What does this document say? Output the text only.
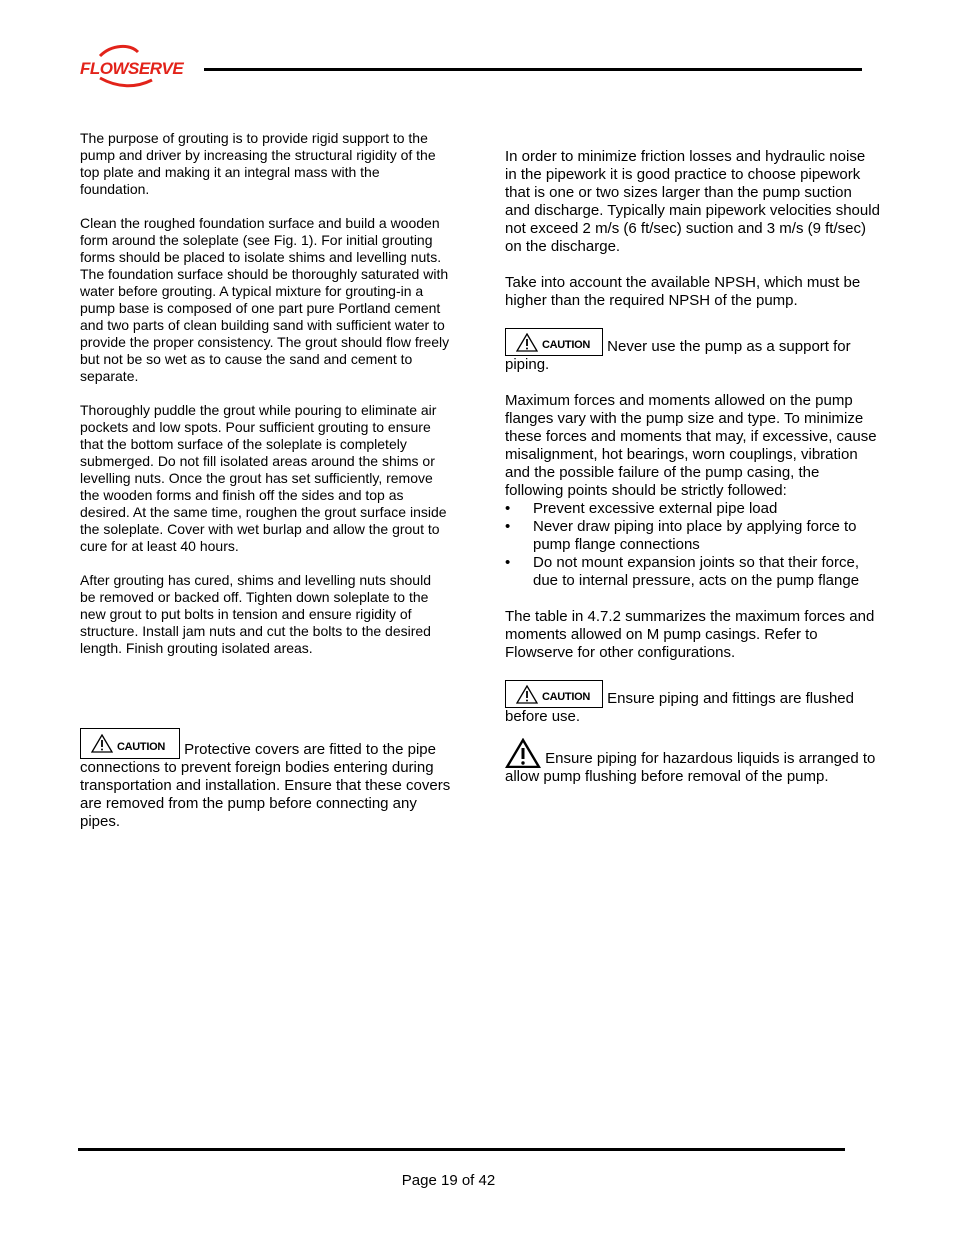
FLOWSERVE

The purpose of grouting is to provide rigid support to the pump and driver by increasing the structural rigidity of the top plate and making it an integral mass with the foundation.

Clean the roughed foundation surface and build a wooden form around the soleplate (see Fig. 1). For initial grouting forms should be placed to isolate shims and levelling nuts. The foundation surface should be thoroughly saturated with water before grouting. A typical mixture for grouting-in a pump base is composed of one part pure Portland cement and two parts of clean building sand with sufficient water to provide the proper consistency. The grout should flow freely but not be so wet as to cause the sand and cement to separate.

Thoroughly puddle the grout while pouring to eliminate air pockets and low spots. Pour sufficient grouting to ensure that the bottom surface of the soleplate is completely submerged. Do not fill isolated areas around the shims or levelling nuts. Once the grout has set sufficiently, remove the wooden forms and finish off the sides and top as desired. At the same time, roughen the grout surface inside the soleplate. Cover with wet burlap and allow the grout to cure for at least 40 hours.

After grouting has cured, shims and levelling nuts should be removed or backed off. Tighten down soleplate to the new grout to put bolts in tension and ensure rigidity of structure. Install jam nuts and cut the bolts to the desired length. Finish grouting isolated areas.

CAUTION Protective covers are fitted to the pipe connections to prevent foreign bodies entering during transportation and installation. Ensure that these covers are removed from the pump before connecting any pipes.

In order to minimize friction losses and hydraulic noise in the pipework it is good practice to choose pipework that is one or two sizes larger than the pump suction and discharge. Typically main pipework velocities should not exceed 2 m/s (6 ft/sec) suction and 3 m/s (9 ft/sec) on the discharge.

Take into account the available NPSH, which must be higher than the required NPSH of the pump.

CAUTION Never use the pump as a support for piping.

Maximum forces and moments allowed on the pump flanges vary with the pump size and type. To minimize these forces and moments that may, if excessive, cause misalignment, hot bearings, worn couplings, vibration and the possible failure of the pump casing, the following points should be strictly followed:

• Prevent excessive external pipe load
• Never draw piping into place by applying force to pump flange connections
• Do not mount expansion joints so that their force, due to internal pressure, acts on the pump flange

The table in 4.7.2 summarizes the maximum forces and moments allowed on M pump casings. Refer to Flowserve for other configurations.

CAUTION Ensure piping and fittings are flushed before use.

Ensure piping for hazardous liquids is arranged to allow pump flushing before removal of the pump.

Page 19 of 42
